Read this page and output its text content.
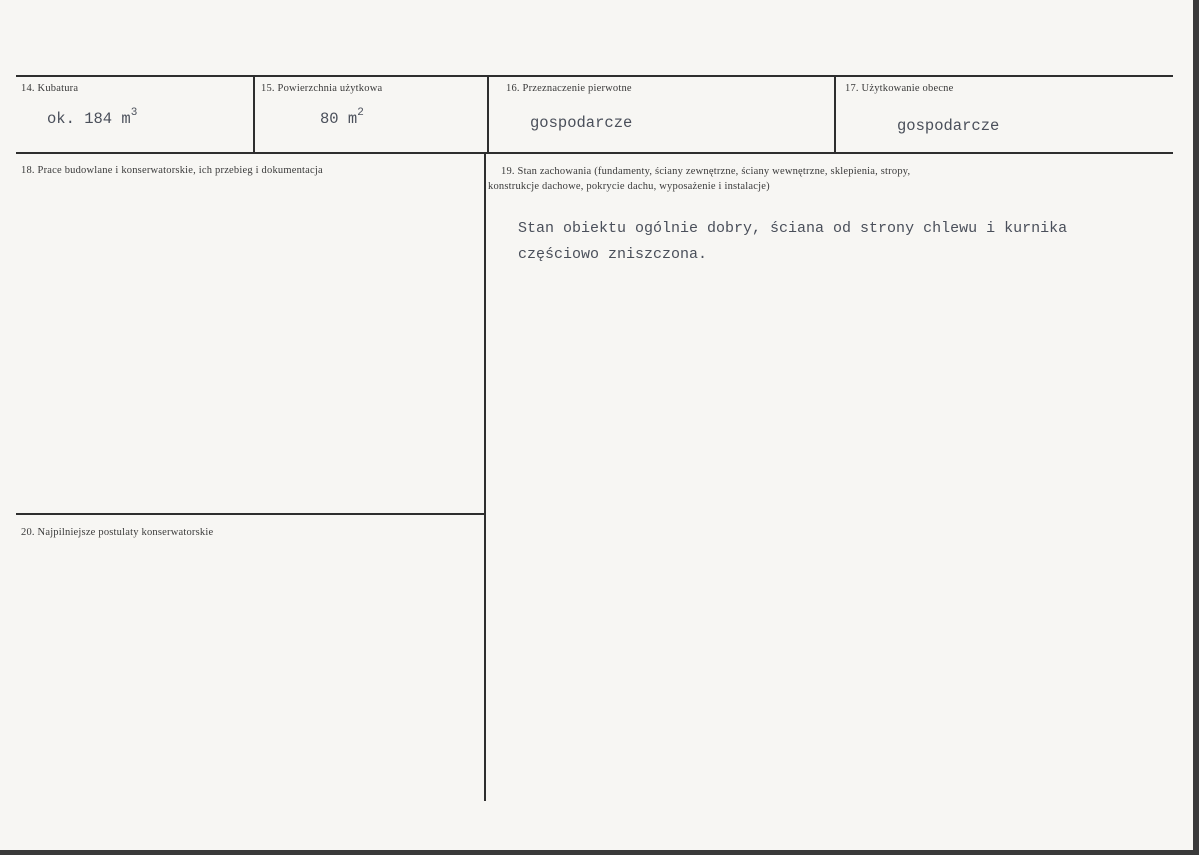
14. Kubatura
ok. 184 $m^3$
15. Powierzchnia użytkowa
80 $m^2$
16. Przeznaczenie pierwotne
gospodarcze
17. Użytkowanie obecne
gospodarcze
18. Prace budowlane i konserwatorskie, ich przebieg i dokumentacja	19. Stan zachowania (fundamenty, ściany zewnętrzne, ściany wewnętrzne, sklepienia, stropy,
konstrukcje dachowe, pokrycie dachu, wyposażenie i instalacje)
Stan obiektu ogólnie dobry, ściana od strony chlewu i kurnika
częściowo zniszczona.
20. Najpilniejsze postulaty konserwatorskie
